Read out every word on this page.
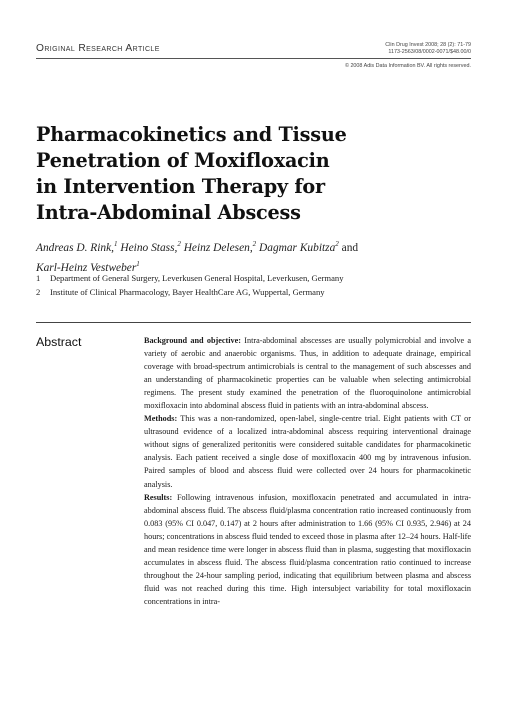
Original Research Article	Clin Drug Invest 2008; 28 (2): 71-79
1173-2563/08/0002-0071/$48.00/0
© 2008 Adis Data Information BV. All rights reserved.
Pharmacokinetics and Tissue
Penetration of Moxifloxacin
in Intervention Therapy for
Intra-Abdominal Abscess
Andreas D. Rink,$^1$ Heino Stass,$^2$ Heinz Delesen,$^2$ Dagmar Kubitza$^2$ and
Karl-Heinz Vestweber$^1$
1 Department of General Surgery, Leverkusen General Hospital, Leverkusen, Germany
2 Institute of Clinical Pharmacology, Bayer HealthCare AG, Wuppertal, Germany
Abstract	Background and objective: Intra-abdominal abscesses are usually polymicrobial and involve a variety of aerobic and anaerobic organisms. Thus, in addition to adequate drainage, empirical coverage with broad-spectrum antimicrobials is central to the management of such abscesses and an understanding of pharmacokinetic properties can be valuable when selecting antimicrobial regimens. The present study examined the penetration of the fluoroquinolone antimicrobial moxifloxacin into abdominal abscess fluid in patients with an intra-abdominal abscess.

Methods: This was a non-randomized, open-label, single-centre trial. Eight patients with CT or ultrasound evidence of a localized intra-abdominal abscess requiring interventional drainage without signs of generalized peritonitis were considered suitable candidates for pharmacokinetic analysis. Each patient received a single dose of moxifloxacin 400 mg by intravenous infusion. Paired samples of blood and abscess fluid were collected over 24 hours for pharmacokinetic analysis.

Results: Following intravenous infusion, moxifloxacin penetrated and accumulated in intra-abdominal abscess fluid. The abscess fluid/plasma concentration ratio increased continuously from 0.083 (95% CI 0.047, 0.147) at 2 hours after administration to 1.66 (95% CI 0.935, 2.946) at 24 hours; concentrations in abscess fluid tended to exceed those in plasma after 12–24 hours. Half-life and mean residence time were longer in abscess fluid than in plasma, suggesting that moxifloxacin accumulates in abscess fluid. The abscess fluid/plasma concentration ratio continued to increase throughout the 24-hour sampling period, indicating that equilibrium between plasma and abscess fluid was not reached during this time. High intersubject variability for total moxifloxacin concentrations in intra-
